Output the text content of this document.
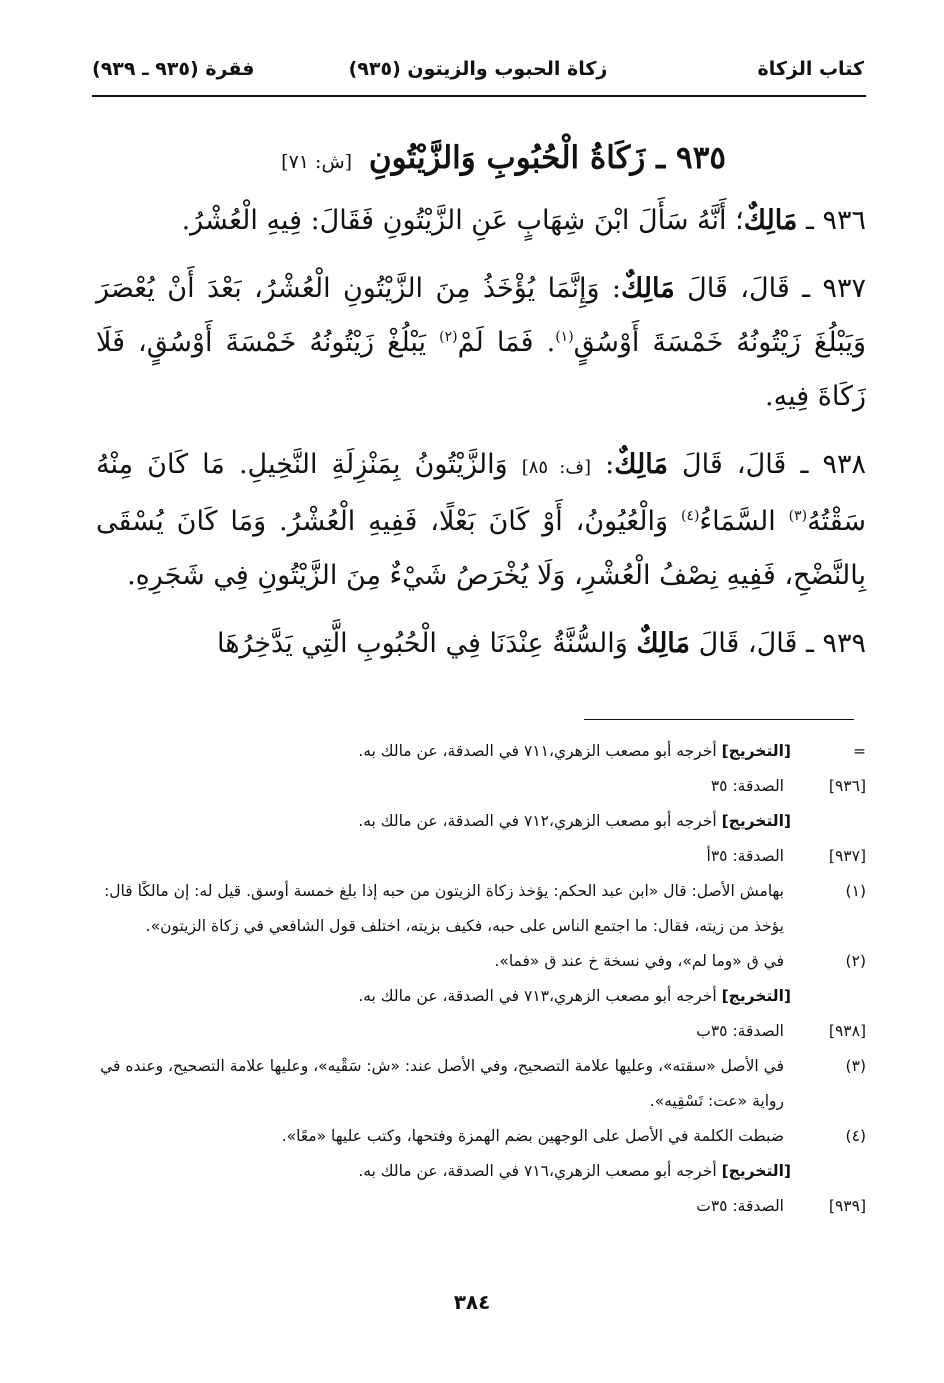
كتاب الزكاة
(٩٣٥) زكاة الحبوب والزيتون
(٩٣٥ ـ ٩٣٩) فقرة
٩٣٥ ـ زَكَاةُ الْحُبُوبِ وَالزَّيْتُونِ [ش: ٧١]
٩٣٦ ـ مَالِكٌ؛ أَنَّهُ سَأَلَ ابْنَ شِهَابٍ عَنِ الزَّيْتُونِ فَقَالَ: فِيهِ الْعُشْرُ.
٩٣٧ ـ قَالَ، قَالَ مَالِكٌ: وَإِنَّمَا يُؤْخَذُ مِنَ الزَّيْتُونِ الْعُشْرُ، بَعْدَ أَنْ يُعْصَرَ وَيَبْلُغَ زَيْتُونُهُ خَمْسَةَ أَوْسُقٍ$^{(١)}$. فَمَا لَمْ$^{(٢)}$ يَبْلُغْ زَيْتُونُهُ خَمْسَةَ أَوْسُقٍ، فَلَا زَكَاةَ فِيهِ.
٩٣٨ ـ قَالَ، قَالَ مَالِكٌ: [ف: ٨٥] وَالزَّيْتُونُ بِمَنْزِلَةِ النَّخِيلِ. مَا كَانَ مِنْهُ سَقْتُهُ$^{(٣)}$ السَّمَاءُ$^{(٤)}$ وَالْعُيُونُ، أَوْ كَانَ بَعْلًا، فَفِيهِ الْعُشْرُ. وَمَا كَانَ يُسْقَى بِالنَّضْحِ، فَفِيهِ نِصْفُ الْعُشْرِ، وَلَا يُخْرَصُ شَيْءٌ مِنَ الزَّيْتُونِ فِي شَجَرِهِ.
٩٣٩ ـ قَالَ، قَالَ مَالِكٌ وَالسُّنَّةُ عِنْدَنَا فِي الْحُبُوبِ الَّتِي يَدَّخِرُهَا
=
[التخريج] أخرجه أبو مصعب الزهري،٧١١ في الصدقة، عن مالك به.
[٩٣٦]
الصدقة: ٣٥
[التخريج] أخرجه أبو مصعب الزهري،٧١٢ في الصدقة، عن مالك به.
[٩٣٧]
الصدقة: ٣٥أ
(١)
بهامش الأصل: قال «ابن عبد الحكم: يؤخذ زكاة الزيتون من حبه إذا بلغ خمسة أوسق. قيل له: إن مالكًا قال: يؤخذ من زيته، فقال: ما اجتمع الناس على حبه، فكيف بزيته، اختلف قول الشافعي في زكاة الزيتون».
(٢)
في ق «وما لم»، وفي نسخة خ عند ق «فما».
[التخريج] أخرجه أبو مصعب الزهري،٧١٣ في الصدقة، عن مالك به.
[٩٣٨]
الصدقة: ٣٥ب
(٣)
في الأصل «سقته»، وعليها علامة التصحيح، وفي الأصل عند: «ش: سَقْيه»، وعليها علامة التصحيح، وعنده في رواية «عت: تَسْقِيه».
(٤)
ضبطت الكلمة في الأصل على الوجهين بضم الهمزة وفتحها، وكتب عليها «معًا».
[التخريج] أخرجه أبو مصعب الزهري،٧١٦ في الصدقة، عن مالك به.
[٩٣٩]
الصدقة: ٣٥ت
٣٨٤
